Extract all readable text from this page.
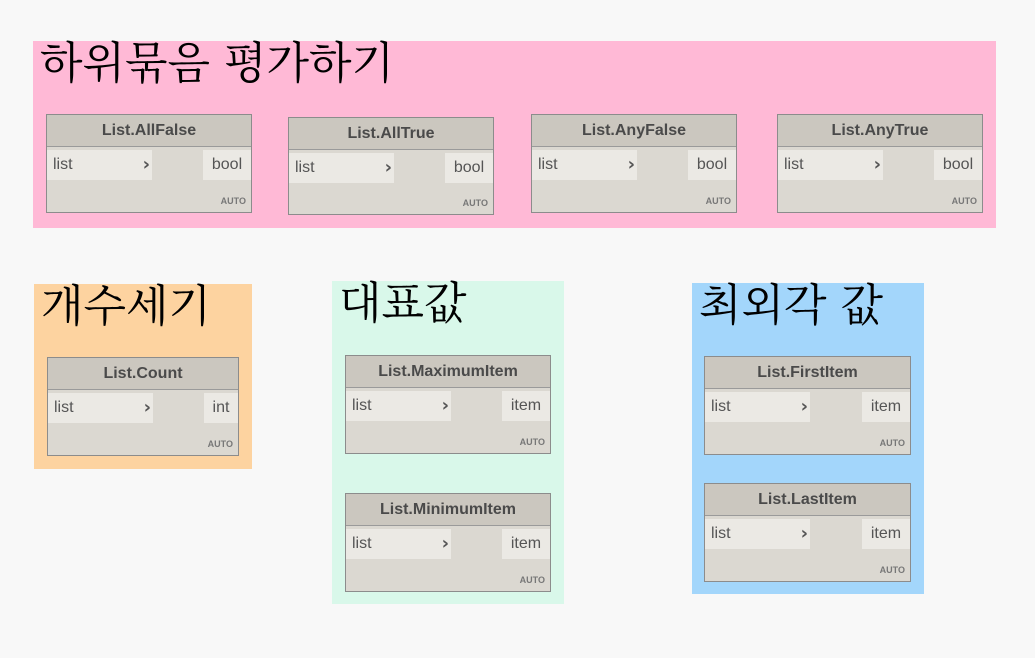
하위묶음 평가하기
개수세기	대표값	최외각 값
List.AllFalse
list	›	bool
AUTO
List.AllTrue
list	›	bool
AUTO
List.AnyFalse
list	›	bool
AUTO
List.AnyTrue
list	›	bool
AUTO
List.Count
list	›	int
AUTO
List.MaximumItem
list	›	item
AUTO
List.MinimumItem
list	›	item
AUTO
List.FirstItem
list	›	item
AUTO
List.LastItem
list	›	item
AUTO
